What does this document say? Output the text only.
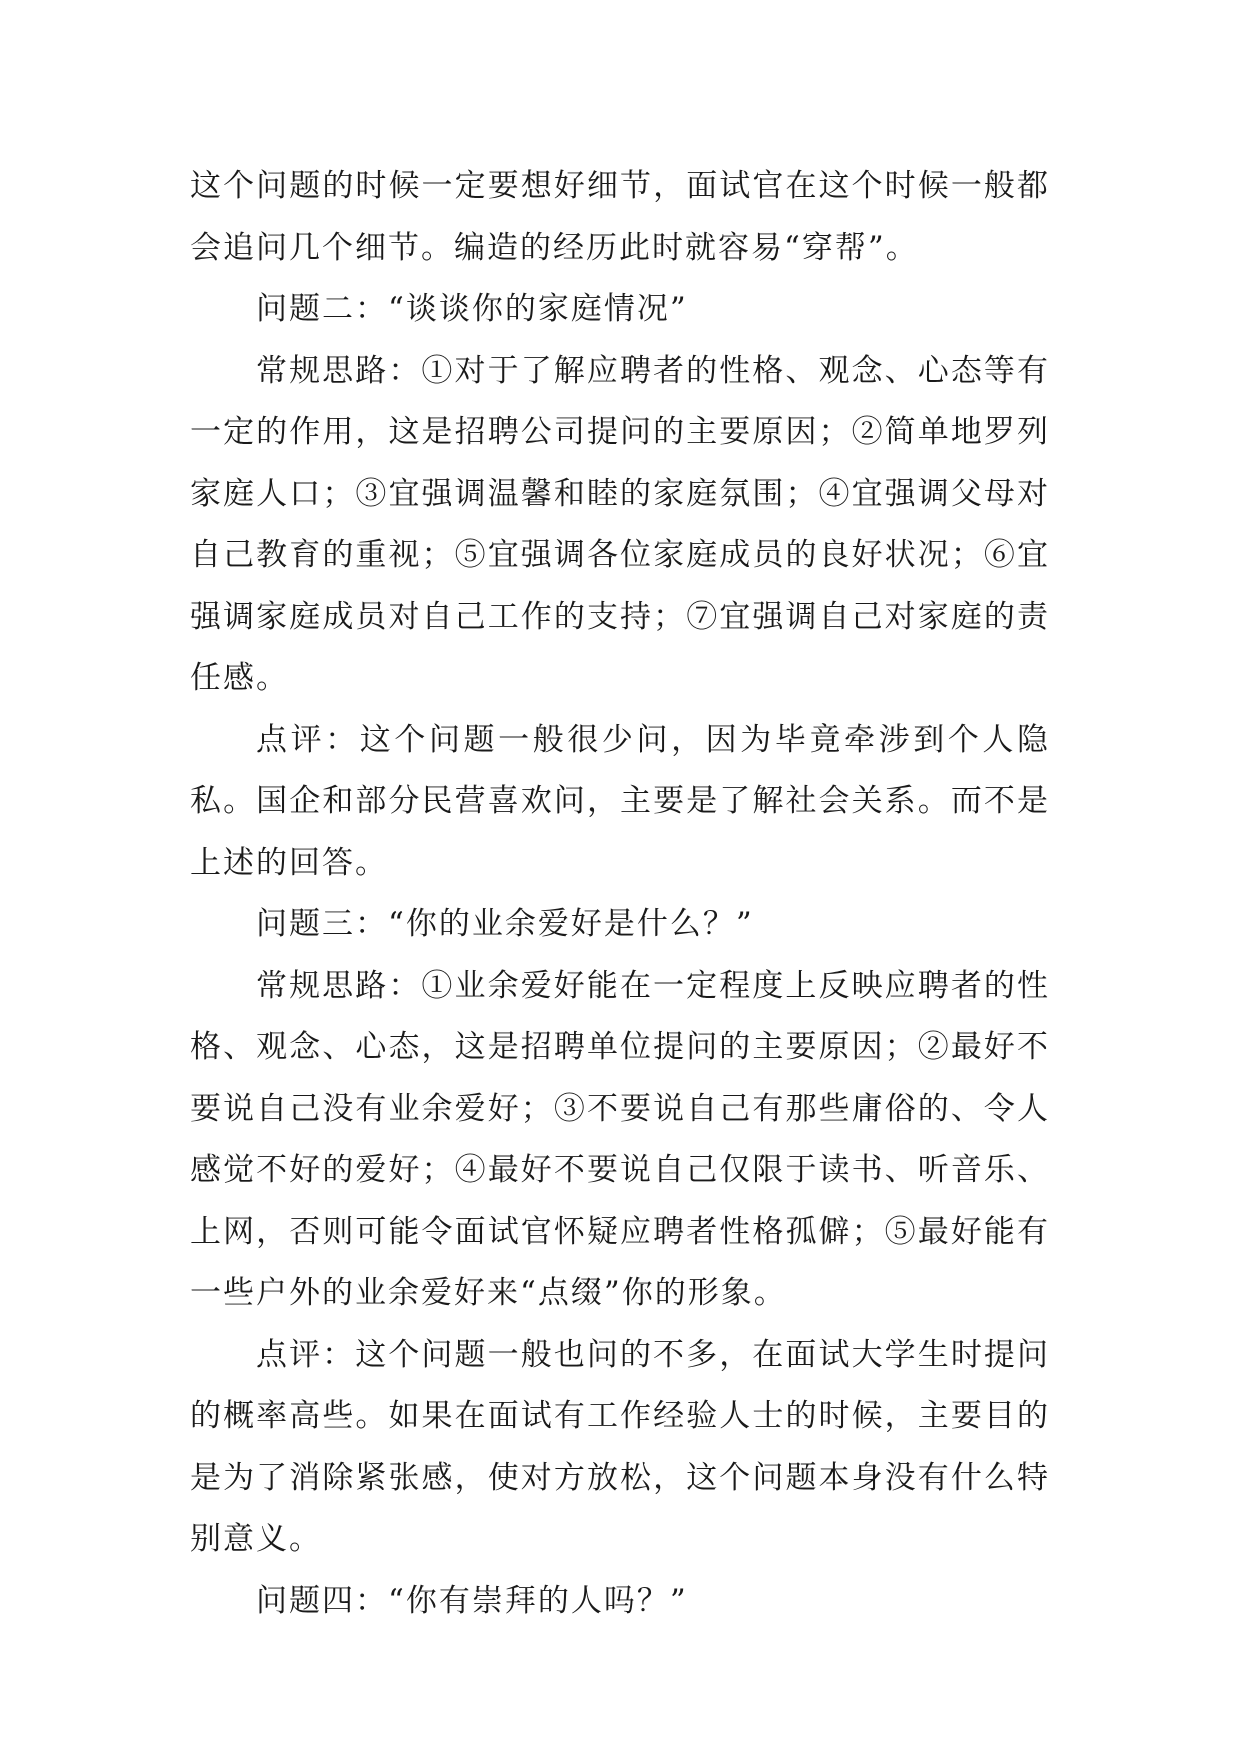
这个问题的时候一定要想好细节，面试官在这个时候一般都会追问几个细节。编造的经历此时就容易“穿帮”。

问题二：“谈谈你的家庭情况”

常规思路：①对于了解应聘者的性格、观念、心态等有一定的作用，这是招聘公司提问的主要原因；②简单地罗列家庭人口；③宜强调温馨和睦的家庭氛围；④宜强调父母对自己教育的重视；⑤宜强调各位家庭成员的良好状况；⑥宜强调家庭成员对自己工作的支持；⑦宜强调自己对家庭的责任感。

点评：这个问题一般很少问，因为毕竟牵涉到个人隐私。国企和部分民营喜欢问，主要是了解社会关系。而不是上述的回答。

问题三：“你的业余爱好是什么？”

常规思路：①业余爱好能在一定程度上反映应聘者的性格、观念、心态，这是招聘单位提问的主要原因；②最好不要说自己没有业余爱好；③不要说自己有那些庸俗的、令人感觉不好的爱好；④最好不要说自己仅限于读书、听音乐、上网，否则可能令面试官怀疑应聘者性格孤僻；⑤最好能有一些户外的业余爱好来“点缀”你的形象。

点评：这个问题一般也问的不多，在面试大学生时提问的概率高些。如果在面试有工作经验人士的时候，主要目的是为了消除紧张感，使对方放松，这个问题本身没有什么特别意义。

问题四：“你有崇拜的人吗？”
